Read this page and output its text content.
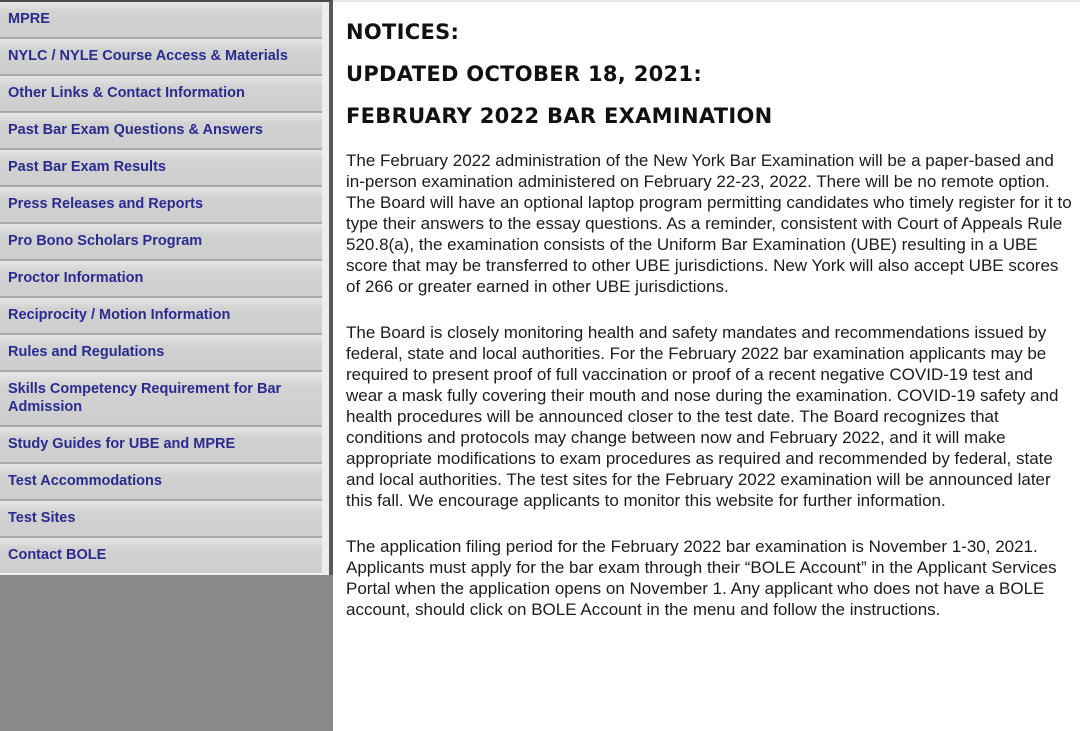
MPRE
NYLC / NYLE Course Access & Materials
Other Links & Contact Information
Past Bar Exam Questions & Answers
Past Bar Exam Results
Press Releases and Reports
Pro Bono Scholars Program
Proctor Information
Reciprocity / Motion Information
Rules and Regulations
Skills Competency Requirement for Bar Admission
Study Guides for UBE and MPRE
Test Accommodations
Test Sites
Contact BOLE
NOTICES:
UPDATED OCTOBER 18, 2021:
FEBRUARY 2022 BAR EXAMINATION

The February 2022 administration of the New York Bar Examination will be a paper-based and in-person examination administered on February 22-23, 2022. There will be no remote option. The Board will have an optional laptop program permitting candidates who timely register for it to type their answers to the essay questions. As a reminder, consistent with Court of Appeals Rule 520.8(a), the examination consists of the Uniform Bar Examination (UBE) resulting in a UBE score that may be transferred to other UBE jurisdictions. New York will also accept UBE scores of 266 or greater earned in other UBE jurisdictions.

The Board is closely monitoring health and safety mandates and recommendations issued by federal, state and local authorities. For the February 2022 bar examination applicants may be required to present proof of full vaccination or proof of a recent negative COVID-19 test and wear a mask fully covering their mouth and nose during the examination. COVID-19 safety and health procedures will be announced closer to the test date. The Board recognizes that conditions and protocols may change between now and February 2022, and it will make appropriate modifications to exam procedures as required and recommended by federal, state and local authorities. The test sites for the February 2022 examination will be announced later this fall. We encourage applicants to monitor this website for further information.

The application filing period for the February 2022 bar examination is November 1-30, 2021. Applicants must apply for the bar exam through their “BOLE Account” in the Applicant Services Portal when the application opens on November 1. Any applicant who does not have a BOLE account, should click on BOLE Account in the menu and follow the instructions.
